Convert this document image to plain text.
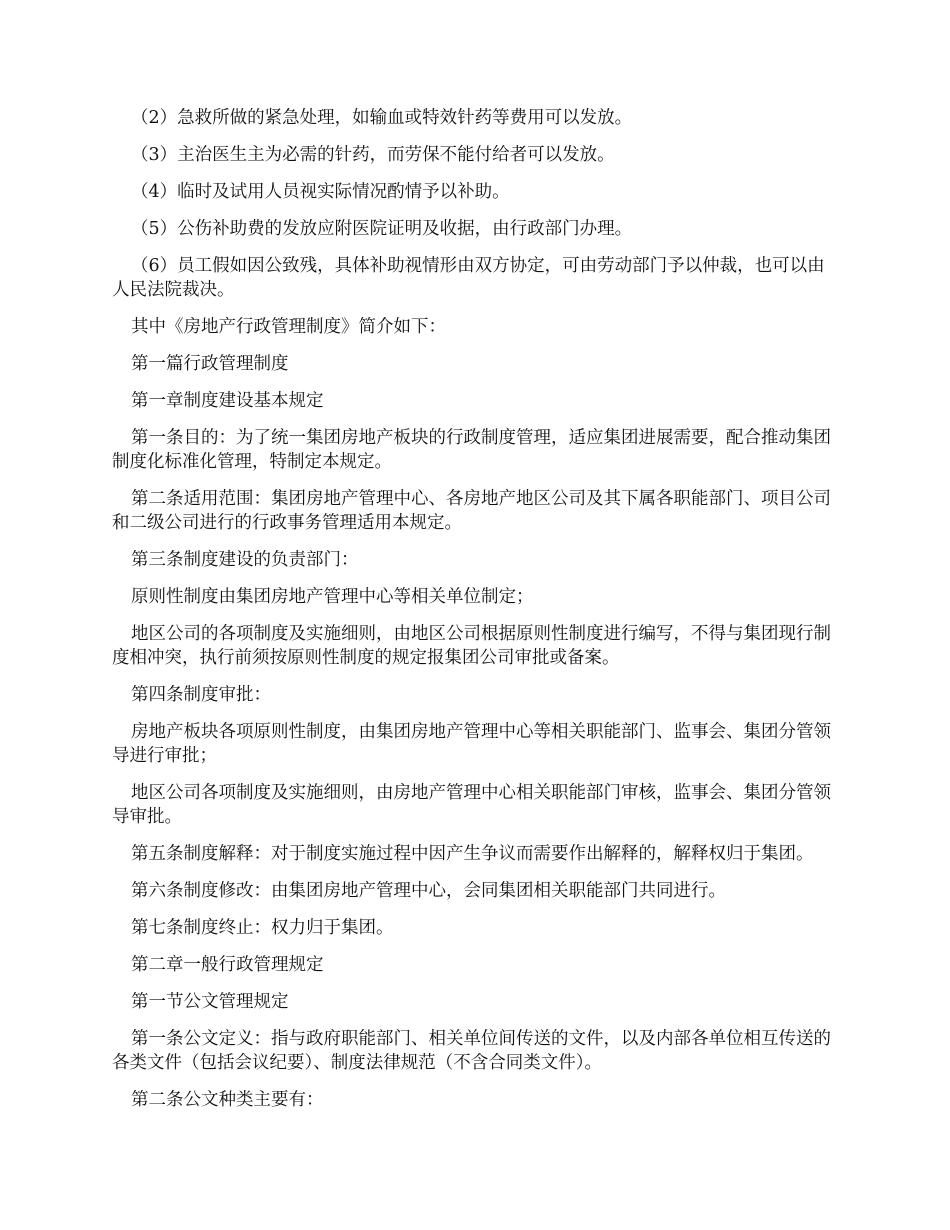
（2）急救所做的紧急处理，如输血或特效针药等费用可以发放。

（3）主治医生主为必需的针药，而劳保不能付给者可以发放。

（4）临时及试用人员视实际情况酌情予以补助。

（5）公伤补助费的发放应附医院证明及收据，由行政部门办理。

（6）员工假如因公致残，具体补助视情形由双方协定，可由劳动部门予以仲裁，也可以由人民法院裁决。

其中《房地产行政管理制度》简介如下：

第一篇行政管理制度

第一章制度建设基本规定

第一条目的：为了统一集团房地产板块的行政制度管理，适应集团进展需要，配合推动集团制度化标准化管理，特制定本规定。

第二条适用范围：集团房地产管理中心、各房地产地区公司及其下属各职能部门、项目公司和二级公司进行的行政事务管理适用本规定。

第三条制度建设的负责部门：

原则性制度由集团房地产管理中心等相关单位制定；

地区公司的各项制度及实施细则，由地区公司根据原则性制度进行编写，不得与集团现行制度相冲突，执行前须按原则性制度的规定报集团公司审批或备案。

第四条制度审批：

房地产板块各项原则性制度，由集团房地产管理中心等相关职能部门、监事会、集团分管领导进行审批；

地区公司各项制度及实施细则，由房地产管理中心相关职能部门审核，监事会、集团分管领导审批。

第五条制度解释：对于制度实施过程中因产生争议而需要作出解释的，解释权归于集团。

第六条制度修改：由集团房地产管理中心，会同集团相关职能部门共同进行。

第七条制度终止：权力归于集团。

第二章一般行政管理规定

第一节公文管理规定

第一条公文定义：指与政府职能部门、相关单位间传送的文件，以及内部各单位相互传送的各类文件（包括会议纪要）、制度法律规范（不含合同类文件）。

第二条公文种类主要有：
